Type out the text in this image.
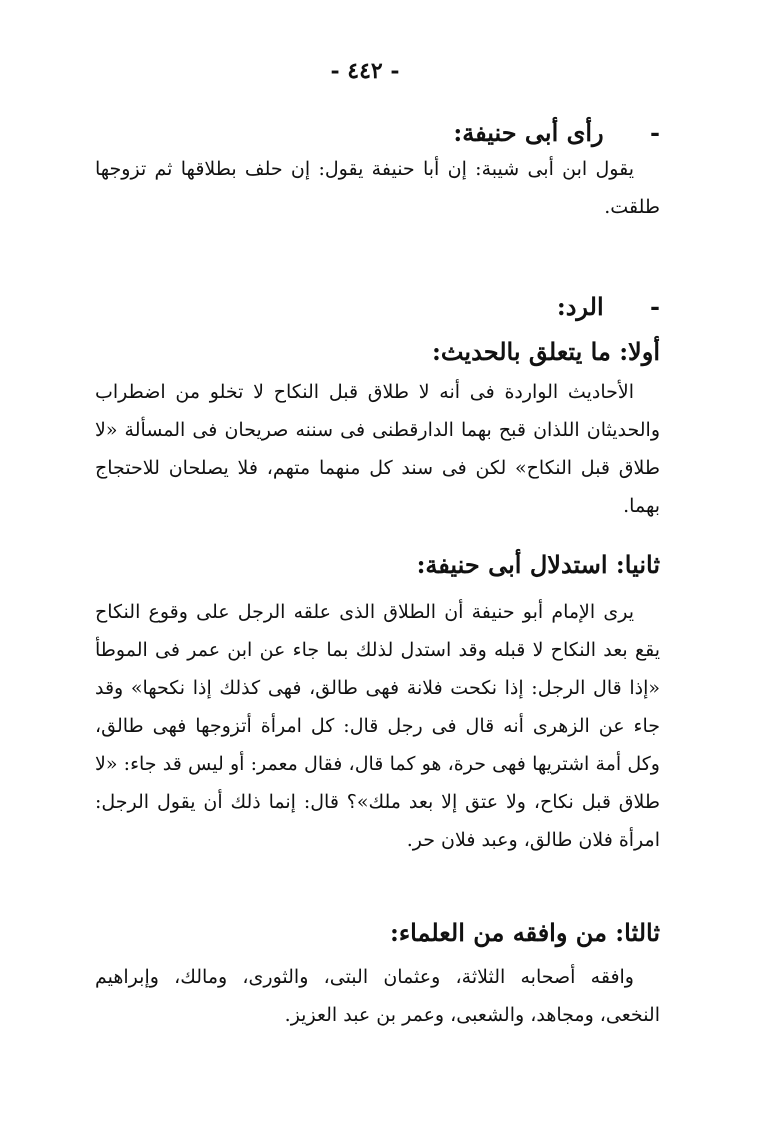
- ٤٤٢ -
- رأى أبى حنيفة:

يقول ابن أبى شيبة: إن أبا حنيفة يقول: إن حلف بطلاقها ثم تزوجها طلقت.

- الرد:
أولا: ما يتعلق بالحديث:

الأحاديث الواردة فى أنه لا طلاق قبل النكاح لا تخلو من اضطراب والحديثان اللذان قبح بهما الدارقطنى فى سننه صريحان فى المسألة «لا طلاق قبل النكاح» لكن فى سند كل منهما متهم، فلا يصلحان للاحتجاج بهما.

ثانيا: استدلال أبى حنيفة:

يرى الإمام أبو حنيفة أن الطلاق الذى علقه الرجل على وقوع النكاح يقع بعد النكاح لا قبله وقد استدل لذلك بما جاء عن ابن عمر فى الموطأ «إذا قال الرجل: إذا نكحت فلانة فهى طالق، فهى كذلك إذا نكحها» وقد جاء عن الزهرى أنه قال فى رجل قال: كل امرأة أتزوجها فهى طالق، وكل أمة اشتريها فهى حرة، هو كما قال، فقال معمر: أو ليس قد جاء: «لا طلاق قبل نكاح، ولا عتق إلا بعد ملك»؟ قال: إنما ذلك أن يقول الرجل: امرأة فلان طالق، وعبد فلان حر.

ثالثا: من وافقه من العلماء:

وافقه أصحابه الثلاثة، وعثمان البتى، والثورى، ومالك، وإبراهيم النخعى، ومجاهد، والشعبى، وعمر بن عبد العزيز.
